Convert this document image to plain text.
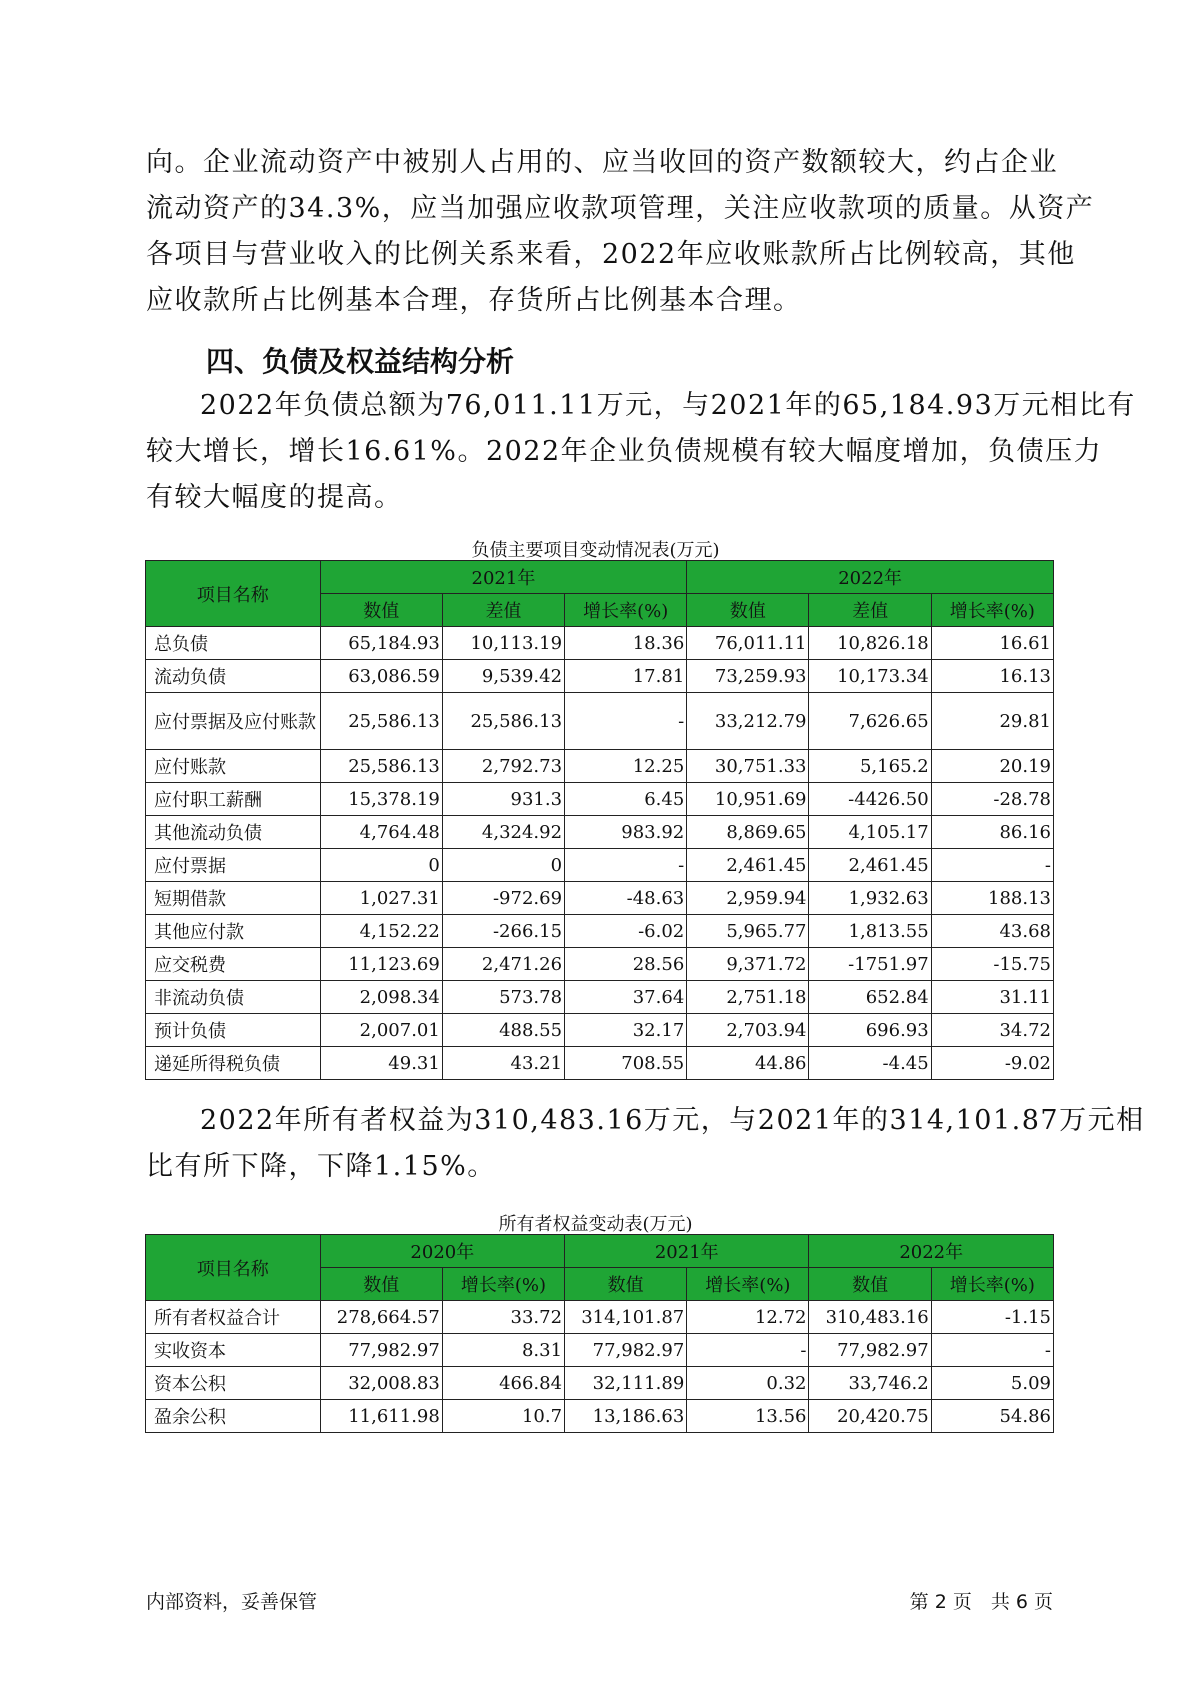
向。企业流动资产中被别人占用的、应当收回的资产数额较大，约占企业
流动资产的34.3%，应当加强应收款项管理，关注应收款项的质量。从资产
各项目与营业收入的比例关系来看，2022年应收账款所占比例较高，其他
应收款所占比例基本合理，存货所占比例基本合理。
四、负债及权益结构分析
2022年负债总额为76,011.11万元，与2021年的65,184.93万元相比有
较大增长，增长16.61%。2022年企业负债规模有较大幅度增加，负债压力
有较大幅度的提高。
负债主要项目变动情况表(万元)
项目名称	2021年			2022年		
	数值	差值	增长率(%)	数值	差值	增长率(%)
总负债	65,184.93	10,113.19	18.36	76,011.11	10,826.18	16.61
流动负债	63,086.59	9,539.42	17.81	73,259.93	10,173.34	16.13
应付票据及应付账款	25,586.13	25,586.13	-	33,212.79	7,626.65	29.81
应付账款	25,586.13	2,792.73	12.25	30,751.33	5,165.2	20.19
应付职工薪酬	15,378.19	931.3	6.45	10,951.69	-4426.50	-28.78
其他流动负债	4,764.48	4,324.92	983.92	8,869.65	4,105.17	86.16
应付票据	0	0	-	2,461.45	2,461.45	-
短期借款	1,027.31	-972.69	-48.63	2,959.94	1,932.63	188.13
其他应付款	4,152.22	-266.15	-6.02	5,965.77	1,813.55	43.68
应交税费	11,123.69	2,471.26	28.56	9,371.72	-1751.97	-15.75
非流动负债	2,098.34	573.78	37.64	2,751.18	652.84	31.11
预计负债	2,007.01	488.55	32.17	2,703.94	696.93	34.72
递延所得税负债	49.31	43.21	708.55	44.86	-4.45	-9.02
2022年所有者权益为310,483.16万元，与2021年的314,101.87万元相
比有所下降，下降1.15%。
所有者权益变动表(万元)
项目名称	2020年		2021年		2022年	
	数值	增长率(%)	数值	增长率(%)	数值	增长率(%)
所有者权益合计	278,664.57	33.72	314,101.87	12.72	310,483.16	-1.15
实收资本	77,982.97	8.31	77,982.97	-	77,982.97	-
资本公积	32,008.83	466.84	32,111.89	0.32	33,746.2	5.09
盈余公积	11,611.98	10.7	13,186.63	13.56	20,420.75	54.86
内部资料，妥善保管	第 2 页　共 6 页
